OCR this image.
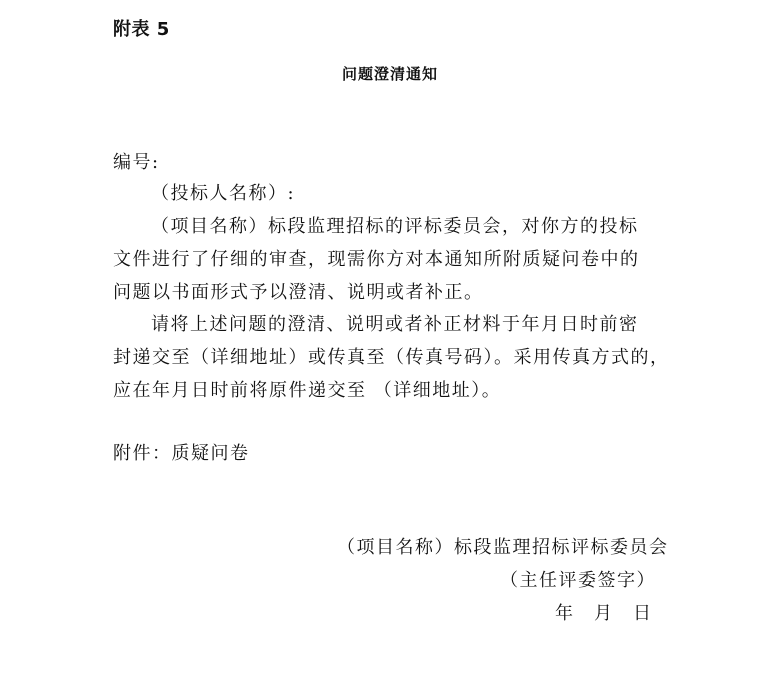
附表 5
问题澄清通知
编号:
（投标人名称）:
（项目名称）标段监理招标的评标委员会，对你方的投标
文件进行了仔细的审查，现需你方对本通知所附质疑问卷中的
问题以书面形式予以澄清、说明或者补正。
请将上述问题的澄清、说明或者补正材料于年月日时前密
封递交至（详细地址）或传真至（传真号码）。采用传真方式的，
应在年月日时前将原件递交至 （详细地址）。
附件：质疑问卷
（项目名称）标段监理招标评标委员会
（主任评委签字）
年　月　日
